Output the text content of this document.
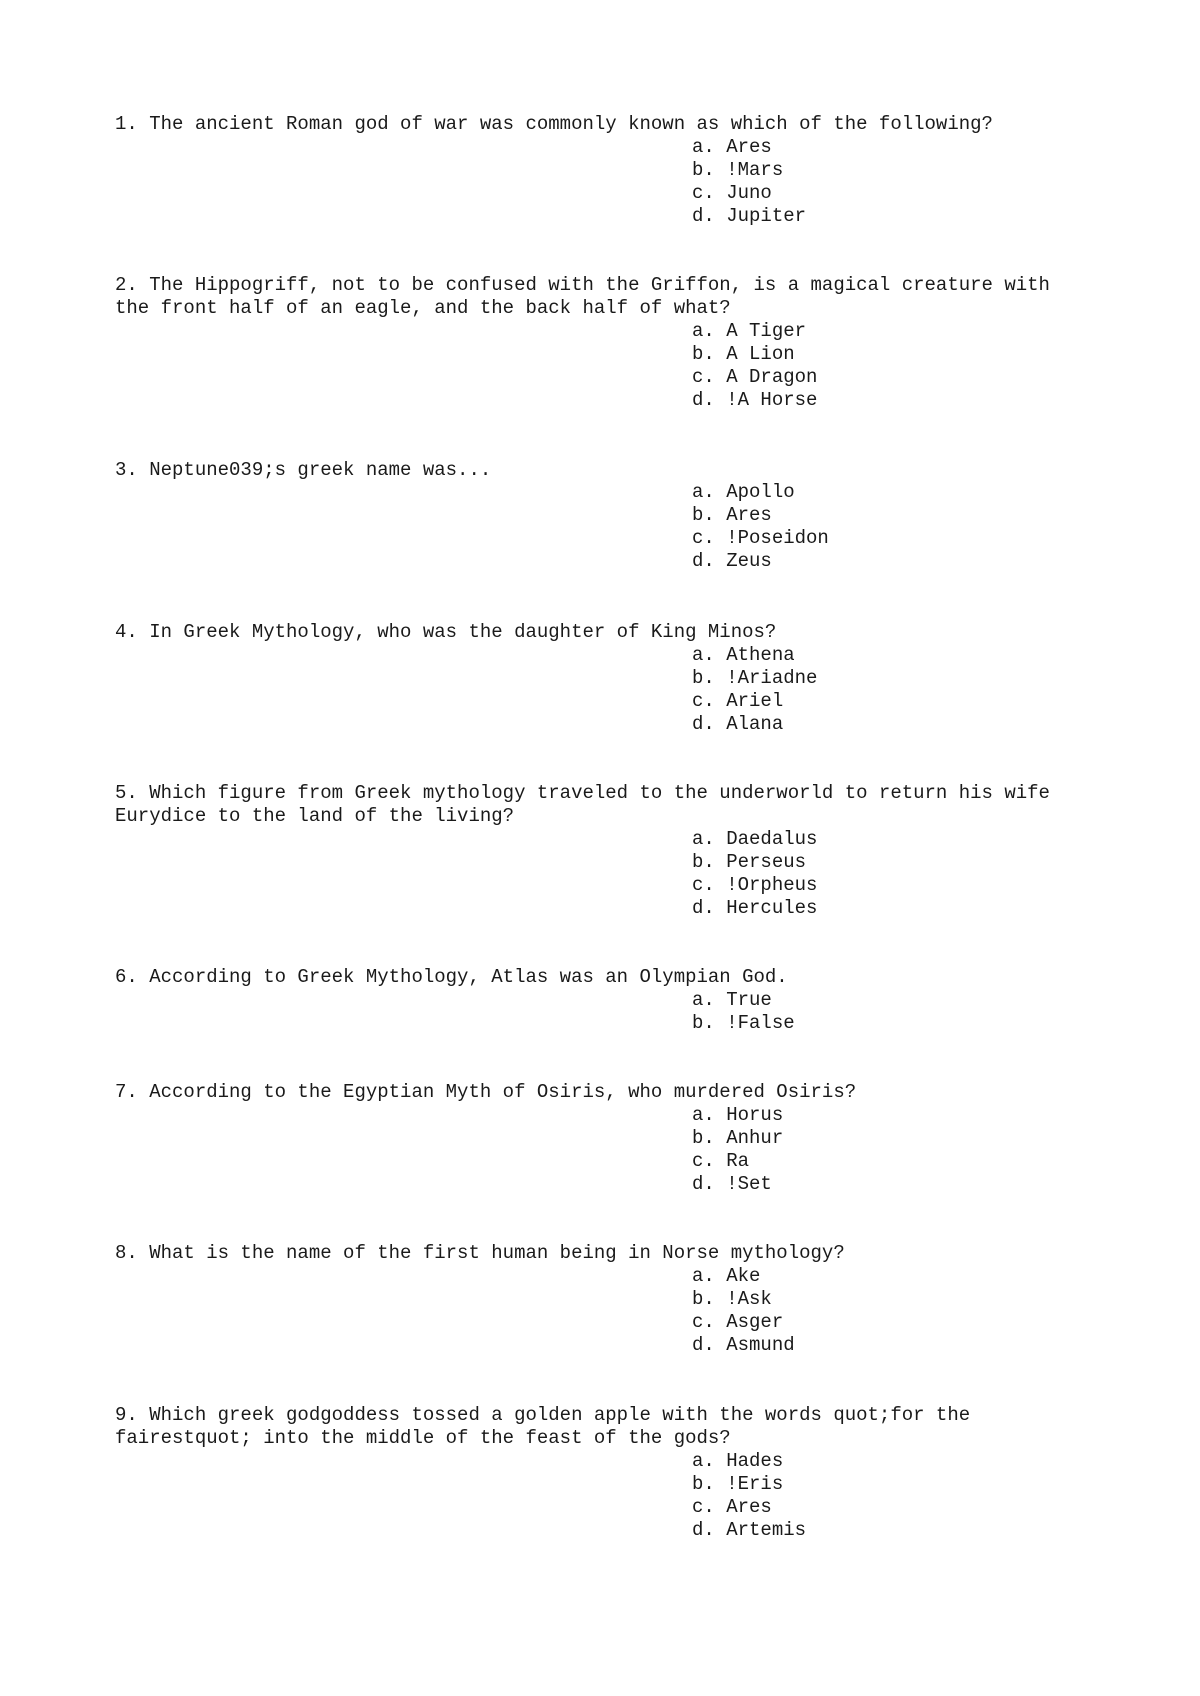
1. The ancient Roman god of war was commonly known as which of the following?

a. Ares
b. !Mars
c. Juno
d. Jupiter

2. The Hippogriff, not to be confused with the Griffon, is a magical creature with the front half of an eagle, and the back half of what?

a. A Tiger
b. A Lion
c. A Dragon
d. !A Horse

3. Neptune039;s greek name was...

a. Apollo
b. Ares
c. !Poseidon
d. Zeus

4. In Greek Mythology, who was the daughter of King Minos?

a. Athena
b. !Ariadne
c. Ariel
d. Alana

5. Which figure from Greek mythology traveled to the underworld to return his wife Eurydice to the land of the living?

a. Daedalus
b. Perseus
c. !Orpheus
d. Hercules

6. According to Greek Mythology, Atlas was an Olympian God.

a. True
b. !False

7. According to the Egyptian Myth of Osiris, who murdered Osiris?

a. Horus
b. Anhur
c. Ra
d. !Set

8. What is the name of the first human being in Norse mythology?

a. Ake
b. !Ask
c. Asger
d. Asmund

9. Which greek godgoddess tossed a golden apple with the words quot;for the fairestquot; into the middle of the feast of the gods?

a. Hades
b. !Eris
c. Ares
d. Artemis
